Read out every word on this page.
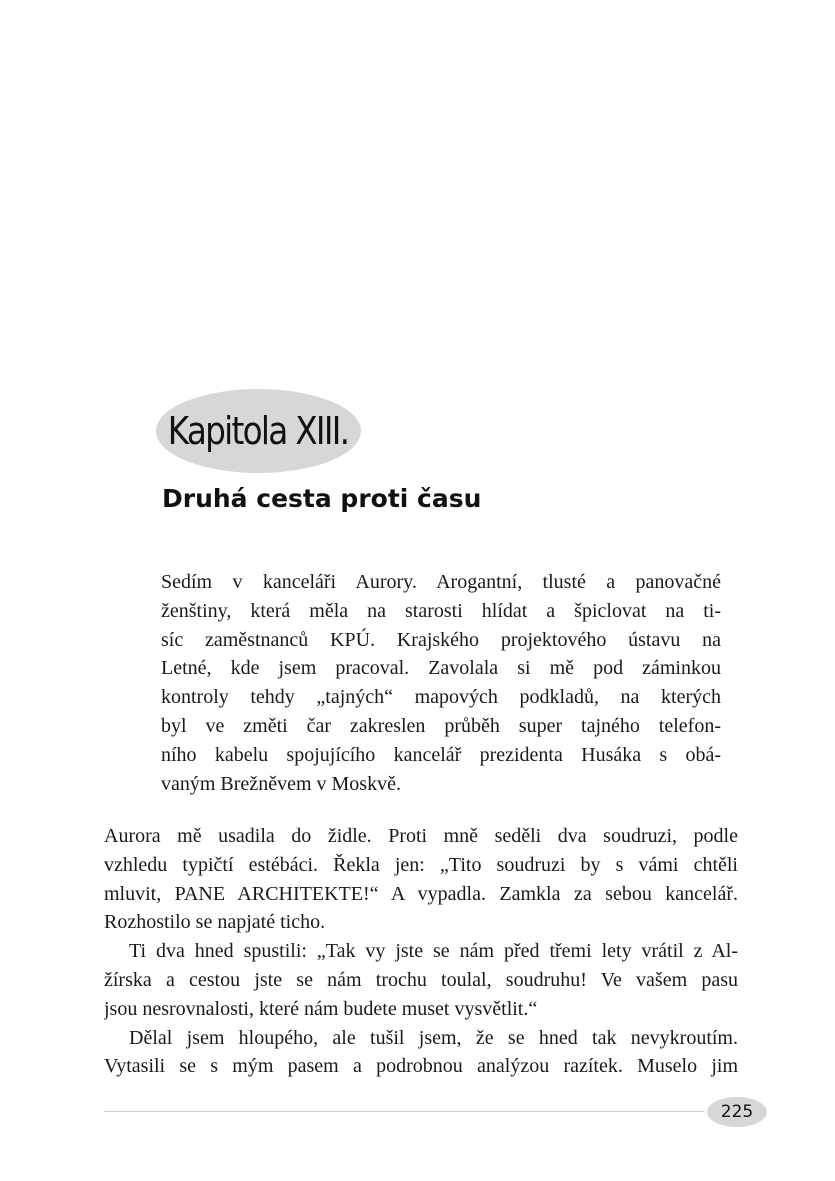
Kapitola XIII.
Druhá cesta proti času
Sedím v kanceláři Aurory. Arogantní, tlusté a panovačné
ženštiny, která měla na starosti hlídat a špiclovat na ti-
síc zaměstnanců KPÚ. Krajského projektového ústavu na
Letné, kde jsem pracoval. Zavolala si mě pod záminkou
kontroly tehdy „tajných“ mapových podkladů, na kterých
byl ve změti čar zakreslen průběh super tajného telefon-
ního kabelu spojujícího kancelář prezidenta Husáka s obá-
vaným Brežněvem v Moskvě.
Aurora mě usadila do židle. Proti mně seděli dva soudruzi, podle
vzhledu typičtí estébáci. Řekla jen: „Tito soudruzi by s vámi chtěli
mluvit, PANE ARCHITEKTE!“ A vypadla. Zamkla za sebou kancelář.
Rozhostilo se napjaté ticho.
Ti dva hned spustili: „Tak vy jste se nám před třemi lety vrátil z Al-
žírska a cestou jste se nám trochu toulal, soudruhu! Ve vašem pasu
jsou nesrovnalosti, které nám budete muset vysvětlit.“
Dělal jsem hloupého, ale tušil jsem, že se hned tak nevykroutím.
Vytasili se s mým pasem a podrobnou analýzou razítek. Muselo jim
225
